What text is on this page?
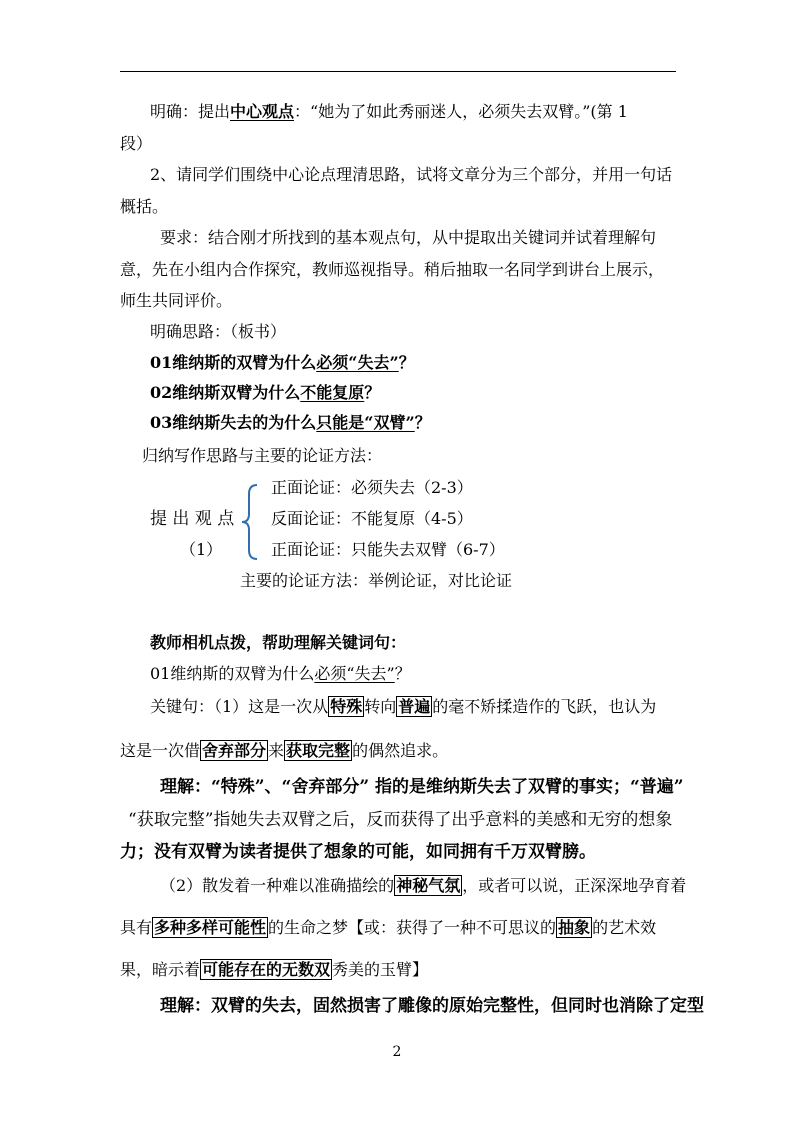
明确：提出中心观点：“她为了如此秀丽迷人，必须失去双臂。”(第 1
段）
2、请同学们围绕中心论点理清思路，试将文章分为三个部分，并用一句话
概括。
要求：结合刚才所找到的基本观点句，从中提取出关键词并试着理解句
意，先在小组内合作探究，教师巡视指导。稍后抽取一名同学到讲台上展示，
师生共同评价。
明确思路：（板书）
01维纳斯的双臂为什么必须“失去”？
02维纳斯双臂为什么不能复原？
03维纳斯失去的为什么只能是“双臂”？
归纳写作思路与主要的论证方法：
提 出 观 点
（1）
正面论证：必须失去（2-3）
反面论证：不能复原（4-5）
正面论证：只能失去双臂（6-7）
主要的论证方法：举例论证，对比论证
教师相机点拨，帮助理解关键词句：
01维纳斯的双臂为什么必须“失去”？
关键句：（1）这是一次从 特殊 转向 普遍 的毫不矫揉造作的飞跃，也认为
这是一次借 舍弃部分 来 获取完整 的偶然追求。
理解：“特殊”、“舍弃部分” 指的是维纳斯失去了双臂的事实；“普遍”
“获取完整”指她失去双臂之后，反而获得了出乎意料的美感和无穷的想象
力；没有双臂为读者提供了想象的可能，如同拥有千万双臂膀。
（2）散发着一种难以准确描绘的 神秘气氛 ，或者可以说，正深深地孕育着
具有 多种多样可能性 的生命之梦【或：获得了一种不可思议的 抽象 的艺术效
果，暗示着 可能存在的无数双 秀美的玉臂】
理解：双臂的失去，固然损害了雕像的原始完整性，但同时也消除了定型
2
